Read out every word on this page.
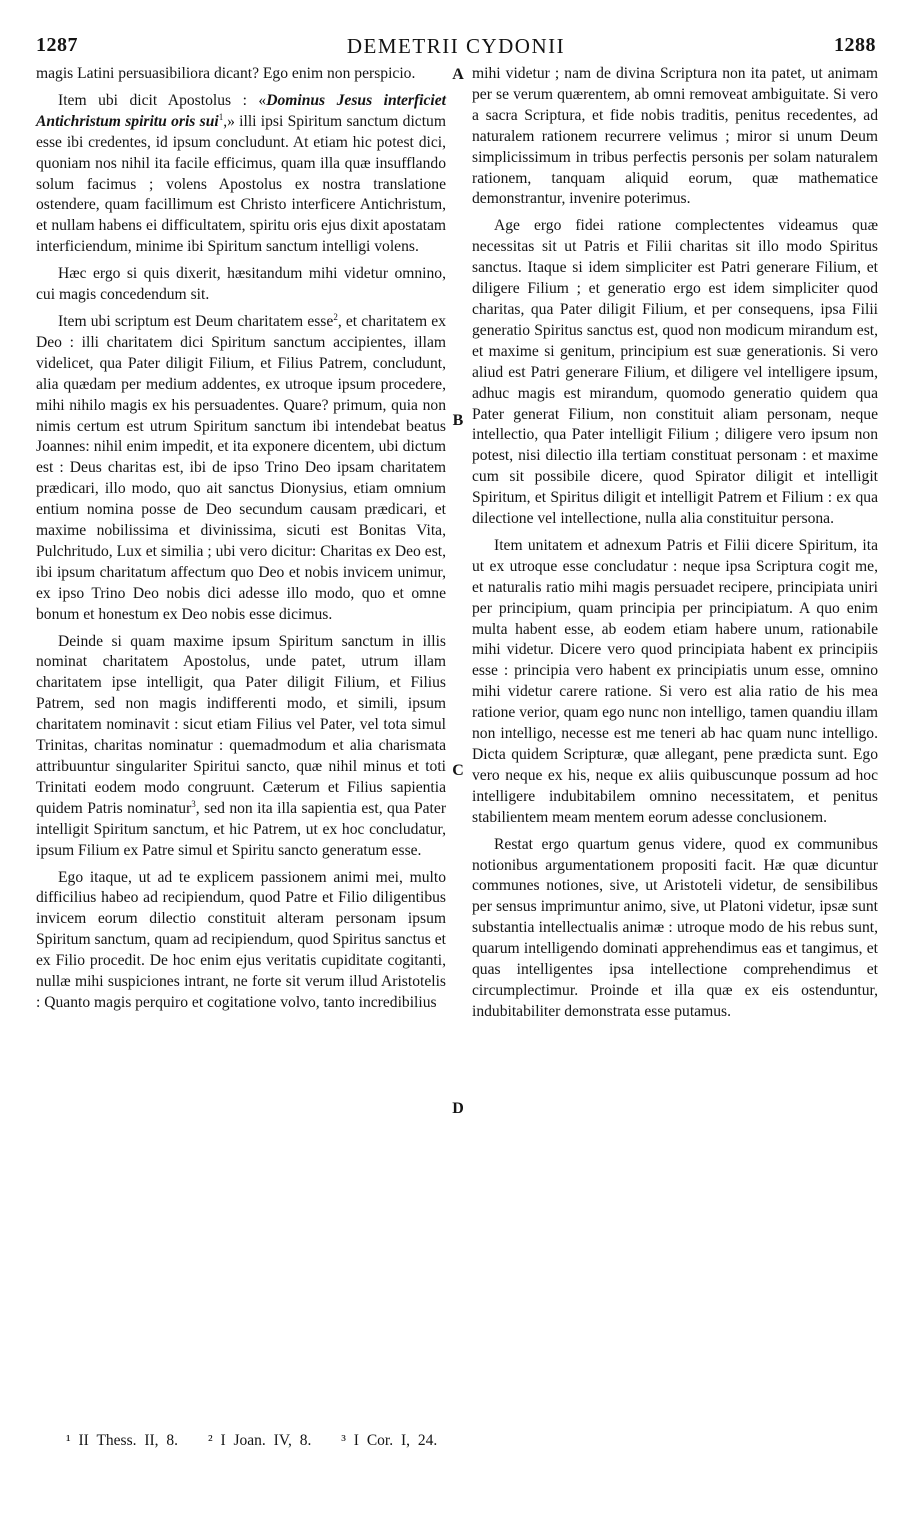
1287	DEMETRII CYDONII	1288

magis Latini persuasibiliora dicant? Ego enim non perspicio.

Item ubi dicit Apostolus : «Dominus Jesus interficiet Antichristum spiritu oris sui$^1$,» illi ipsi Spiritum sanctum dictum esse ibi credentes, id ipsum concludunt. At etiam hic potest dici, quoniam nos nihil ita facile efficimus, quam illa quæ insufflando solum facimus ; volens Apostolus ex nostra translatione ostendere, quam facillimum est Christo interficere Antichristum, et nullam habens ei difficultatem, spiritu oris ejus dixit apostatam interficiendum, minime ibi Spiritum sanctum intelligi volens.

Hæc ergo si quis dixerit, hæsitandum mihi videtur omnino, cui magis concedendum sit.

Item ubi scriptum est Deum charitatem esse$^2$, et charitatem ex Deo : illi charitatem dici Spiritum sanctum accipientes, illam videlicet, qua Pater diligit Filium, et Filius Patrem, concludunt, alia quædam per medium addentes, ex utroque ipsum procedere, mihi nihilo magis ex his persuadentes. Quare? primum, quia non nimis certum est utrum Spiritum sanctum ibi intendebat beatus Joannes: nihil enim impedit, et ita exponere dicentem, ubi dictum est : Deus charitas est, ibi de ipso Trino Deo ipsam charitatem prædicari, illo modo, quo ait sanctus Dionysius, etiam omnium entium nomina posse de Deo secundum causam prædicari, et maxime nobilissima et divinissima, sicuti est Bonitas Vita, Pulchritudo, Lux et similia ; ubi vero dicitur: Charitas ex Deo est, ibi ipsum charitatum affectum quo Deo et nobis invicem unimur, ex ipso Trino Deo nobis dici adesse illo modo, quo et omne bonum et honestum ex Deo nobis esse dicimus.

Deinde si quam maxime ipsum Spiritum sanctum in illis nominat charitatem Apostolus, unde patet, utrum illam charitatem ipse intelligit, qua Pater diligit Filium, et Filius Patrem, sed non magis indifferenti modo, et simili, ipsum charitatem nominavit : sicut etiam Filius vel Pater, vel tota simul Trinitas, charitas nominatur : quemadmodum et alia charismata attribuuntur singulariter Spiritui sancto, quæ nihil minus et toti Trinitati eodem modo congruunt. Cæterum et Filius sapientia quidem Patris nominatur$^3$, sed non ita illa sapientia est, qua Pater intelligit Spiritum sanctum, et hic Patrem, ut ex hoc concludatur, ipsum Filium ex Patre simul et Spiritu sancto generatum esse.

Ego itaque, ut ad te explicem passionem animi mei, multo difficilius habeo ad recipiendum, quod Patre et Filio diligentibus invicem eorum dilectio constituit alteram personam ipsum Spiritum sanctum, quam ad recipiendum, quod Spiritus sanctus et ex Filio procedit. De hoc enim ejus veritatis cupiditate cogitanti, nullæ mihi suspiciones intrant, ne forte sit verum illud Aristotelis : Quanto magis perquiro et cogitatione volvo, tanto incredibilius

mihi videtur ; nam de divina Scriptura non ita patet, ut animam per se verum quærentem, ab omni removeat ambiguitate. Si vero a sacra Scriptura, et fide nobis traditis, penitus recedentes, ad naturalem rationem recurrere velimus ; miror si unum Deum simplicissimum in tribus perfectis personis per solam naturalem rationem, tanquam aliquid eorum, quæ mathematice demonstrantur, invenire poterimus.

Age ergo fidei ratione complectentes videamus quæ necessitas sit ut Patris et Filii charitas sit illo modo Spiritus sanctus. Itaque si idem simpliciter est Patri generare Filium, et diligere Filium ; et generatio ergo est idem simpliciter quod charitas, qua Pater diligit Filium, et per consequens, ipsa Filii generatio Spiritus sanctus est, quod non modicum mirandum est, et maxime si genitum, principium est suæ generationis. Si vero aliud est Patri generare Filium, et diligere vel intelligere ipsum, adhuc magis est mirandum, quomodo generatio quidem qua Pater generat Filium, non constituit aliam personam, neque intellectio, qua Pater intelligit Filium ; diligere vero ipsum non potest, nisi dilectio illa tertiam constituat personam : et maxime cum sit possibile dicere, quod Spirator diligit et intelligit Spiritum, et Spiritus diligit et intelligit Patrem et Filium : ex qua dilectione vel intellectione, nulla alia constituitur persona.

Item unitatem et adnexum Patris et Filii dicere Spiritum, ita ut ex utroque esse concludatur : neque ipsa Scriptura cogit me, et naturalis ratio mihi magis persuadet recipere, principiata uniri per principium, quam principia per principiatum. A quo enim multa habent esse, ab eodem etiam habere unum, rationabile mihi videtur. Dicere vero quod principiata habent ex principiis esse : principia vero habent ex principiatis unum esse, omnino mihi videtur carere ratione. Si vero est alia ratio de his mea ratione verior, quam ego nunc non intelligo, tamen quandiu illam non intelligo, necesse est me teneri ab hac quam nunc intelligo. Dicta quidem Scripturæ, quæ allegant, pene prædicta sunt. Ego vero neque ex his, neque ex aliis quibuscunque possum ad hoc intelligere indubitabilem omnino necessitatem, et penitus stabilientem meam mentem eorum adesse conclusionem.

Restat ergo quartum genus videre, quod ex communibus notionibus argumentationem propositi facit. Hæ quæ dicuntur communes notiones, sive, ut Aristoteli videtur, de sensibilibus per sensus imprimuntur animo, sive, ut Platoni videtur, ipsæ sunt substantia intellectualis animæ : utroque modo de his rebus sunt, quarum intelligendo dominati apprehendimus eas et tangimus, et quas intelligentes ipsa intellectione comprehendimus et circumplectimur. Proinde et illa quæ ex eis ostenduntur, indubitabiliter demonstrata esse putamus.

A
B
C
D
¹ II Thess. II, 8. ² I Joan. IV, 8. ³ I Cor. I, 24.
